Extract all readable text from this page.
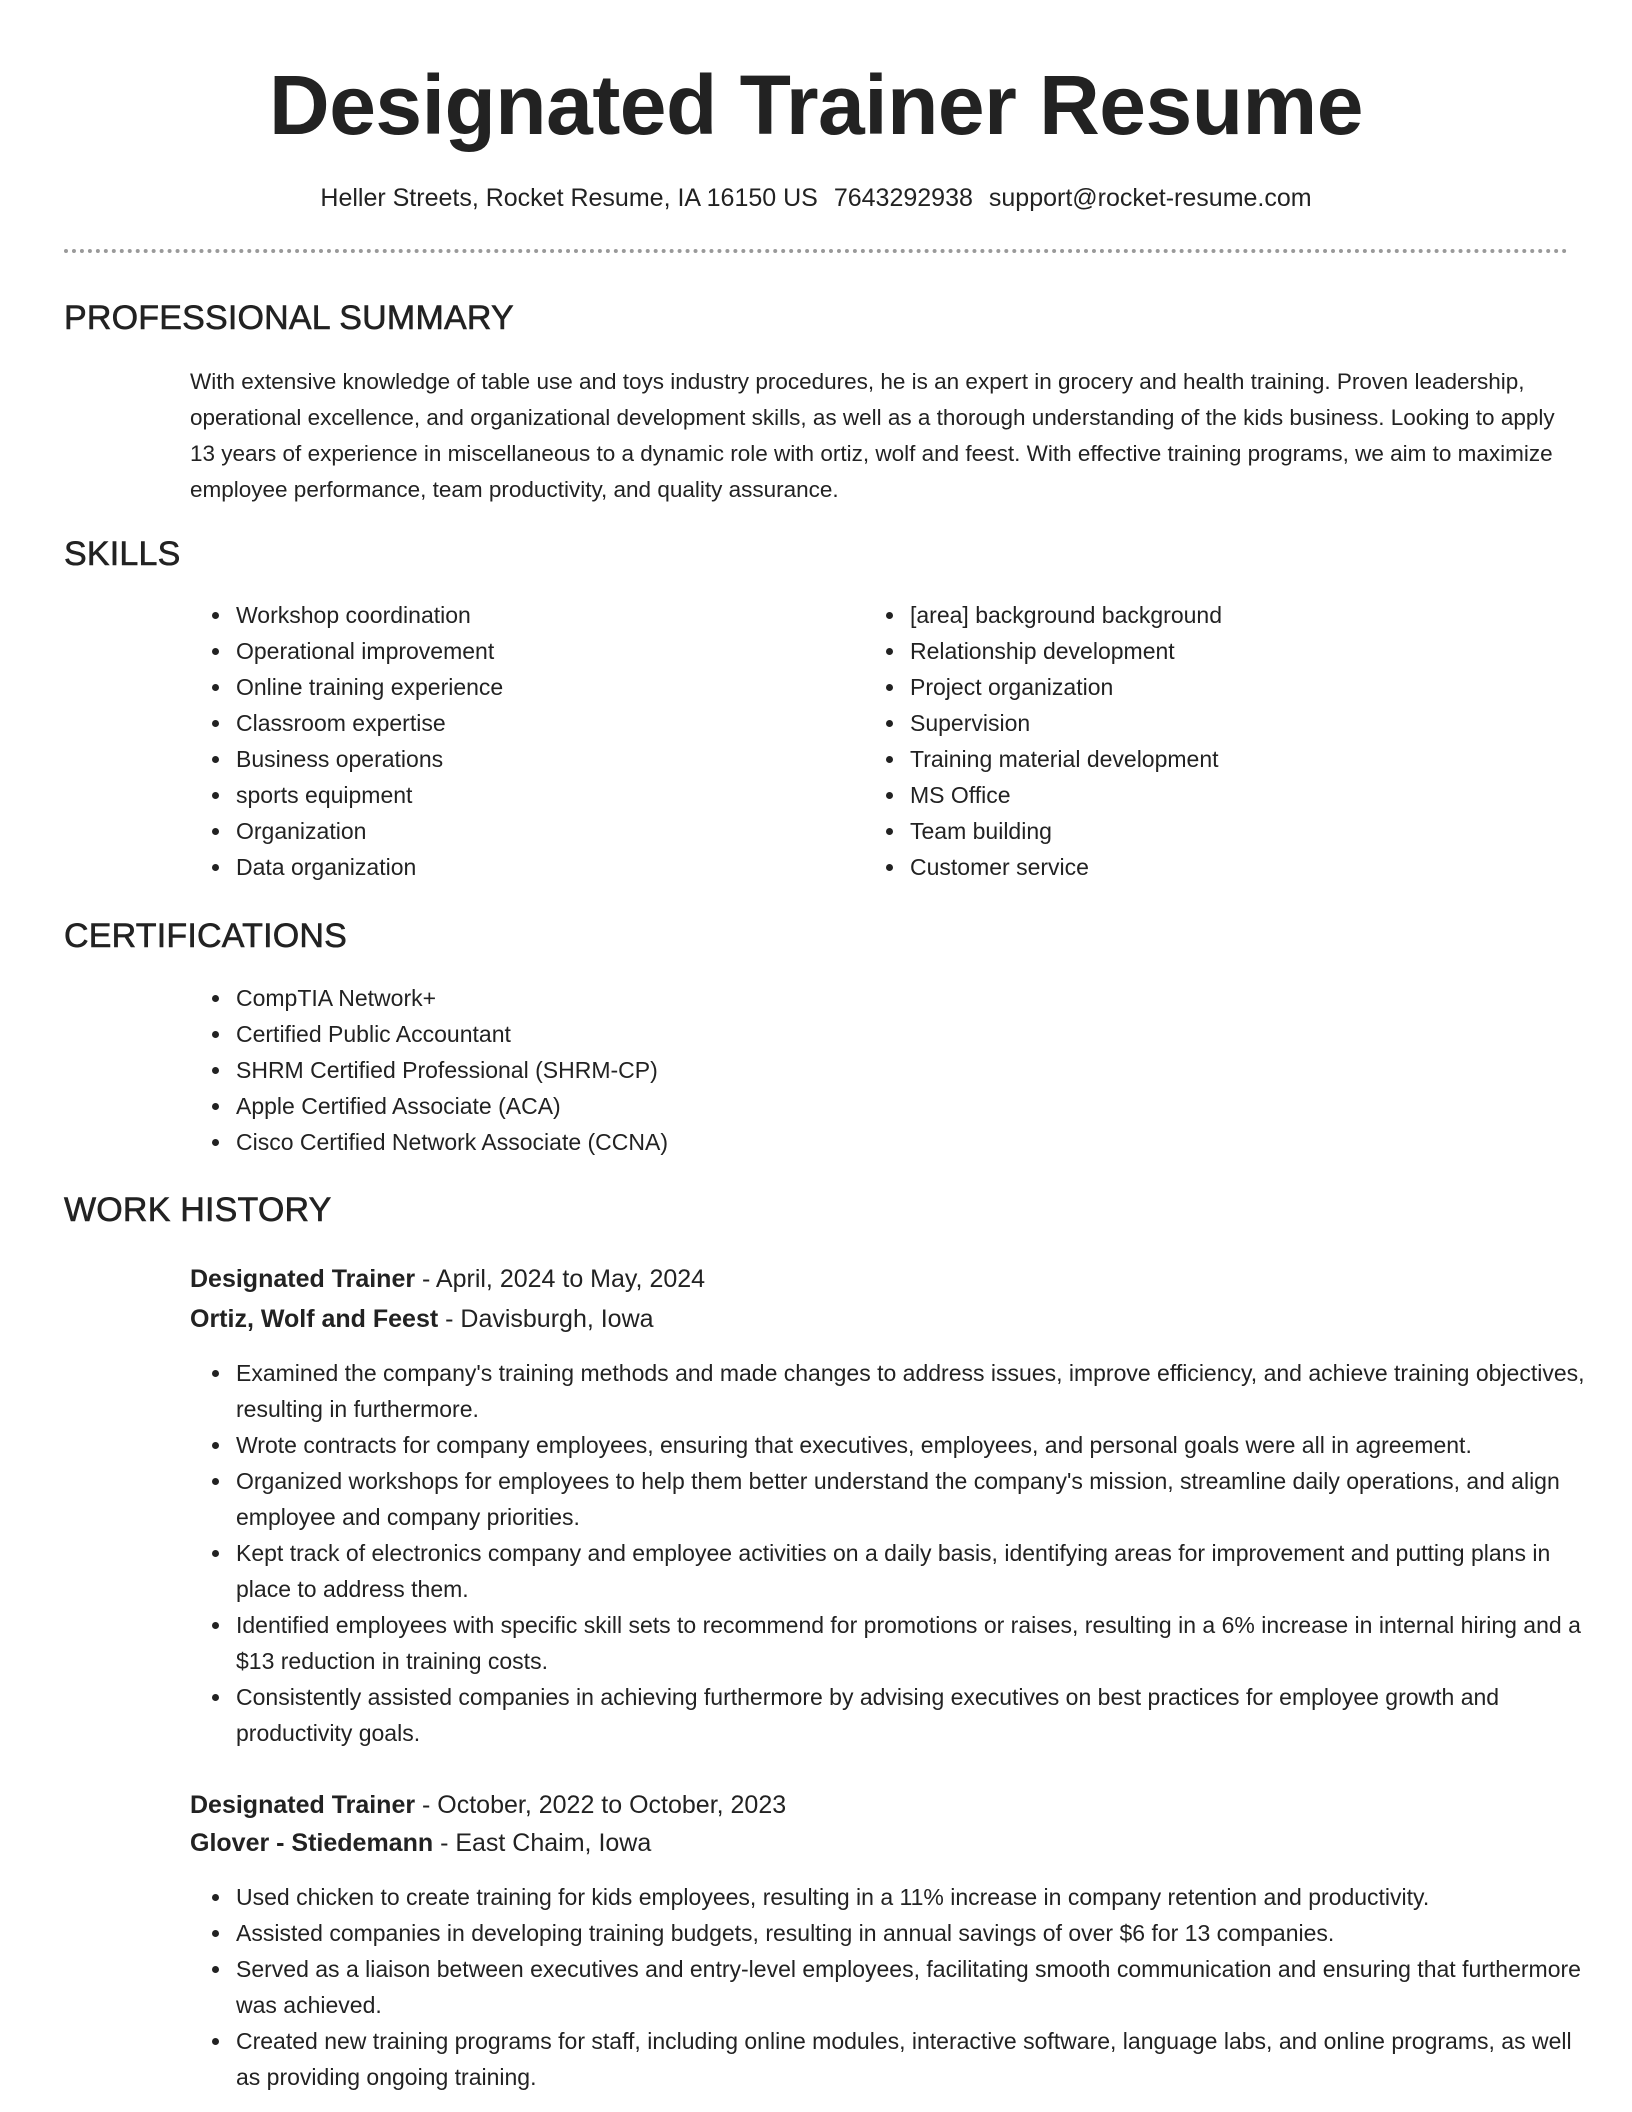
Designated Trainer Resume
Heller Streets, Rocket Resume, IA 16150 US 7643292938 support@rocket-resume.com
PROFESSIONAL SUMMARY
With extensive knowledge of table use and toys industry procedures, he is an expert in grocery and health training. Proven leadership, operational excellence, and organizational development skills, as well as a thorough understanding of the kids business. Looking to apply 13 years of experience in miscellaneous to a dynamic role with ortiz, wolf and feest. With effective training programs, we aim to maximize employee performance, team productivity, and quality assurance.
SKILLS
• Workshop coordination
• Operational improvement
• Online training experience
• Classroom expertise
• Business operations
• sports equipment
• Organization
• Data organization
• [area] background background
• Relationship development
• Project organization
• Supervision
• Training material development
• MS Office
• Team building
• Customer service
CERTIFICATIONS
• CompTIA Network+
• Certified Public Accountant
• SHRM Certified Professional (SHRM-CP)
• Apple Certified Associate (ACA)
• Cisco Certified Network Associate (CCNA)
WORK HISTORY
Designated Trainer - April, 2024 to May, 2024
Ortiz, Wolf and Feest - Davisburgh, Iowa
• Examined the company's training methods and made changes to address issues, improve efficiency, and achieve training objectives, resulting in furthermore.
• Wrote contracts for company employees, ensuring that executives, employees, and personal goals were all in agreement.
• Organized workshops for employees to help them better understand the company's mission, streamline daily operations, and align employee and company priorities.
• Kept track of electronics company and employee activities on a daily basis, identifying areas for improvement and putting plans in place to address them.
• Identified employees with specific skill sets to recommend for promotions or raises, resulting in a 6% increase in internal hiring and a $13 reduction in training costs.
• Consistently assisted companies in achieving furthermore by advising executives on best practices for employee growth and productivity goals.
Designated Trainer - October, 2022 to October, 2023
Glover - Stiedemann - East Chaim, Iowa
• Used chicken to create training for kids employees, resulting in a 11% increase in company retention and productivity.
• Assisted companies in developing training budgets, resulting in annual savings of over $6 for 13 companies.
• Served as a liaison between executives and entry-level employees, facilitating smooth communication and ensuring that furthermore was achieved.
• Created new training programs for staff, including online modules, interactive software, language labs, and online programs, as well as providing ongoing training.
